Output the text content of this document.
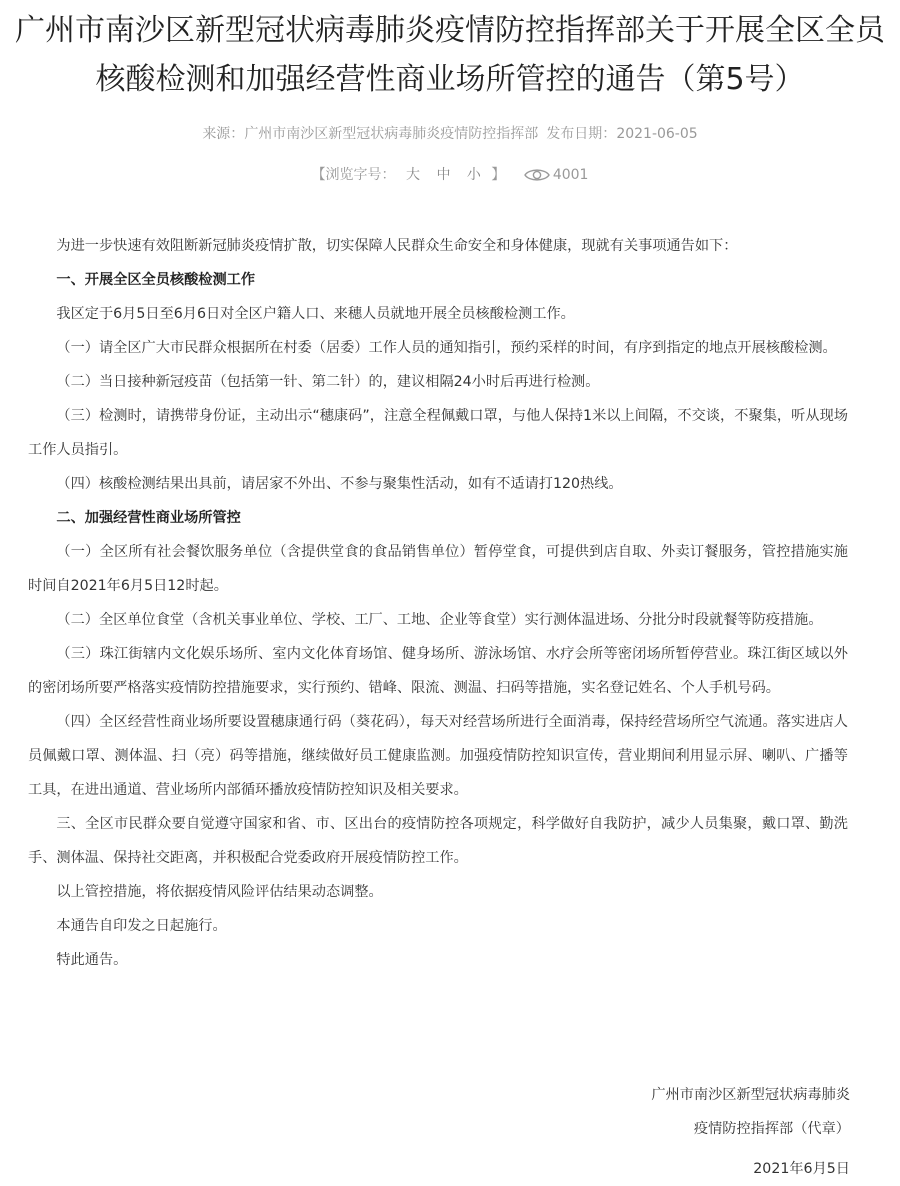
广州市南沙区新型冠状病毒肺炎疫情防控指挥部关于开展全区全员核酸检测和加强经营性商业场所管控的通告（第5号）
来源：广州市南沙区新型冠状病毒肺炎疫情防控指挥部 发布日期：2021-06-05
【浏览字号： 大 中 小 】	4001

为进一步快速有效阻断新冠肺炎疫情扩散，切实保障人民群众生命安全和身体健康，现就有关事项通告如下：

一、开展全区全员核酸检测工作

我区定于6月5日至6月6日对全区户籍人口、来穗人员就地开展全员核酸检测工作。

（一）请全区广大市民群众根据所在村委（居委）工作人员的通知指引，预约采样的时间，有序到指定的地点开展核酸检测。

（二）当日接种新冠疫苗（包括第一针、第二针）的，建议相隔24小时后再进行检测。

（三）检测时，请携带身份证，主动出示“穗康码”，注意全程佩戴口罩，与他人保持1米以上间隔，不交谈，不聚集，听从现场工作人员指引。

（四）核酸检测结果出具前，请居家不外出、不参与聚集性活动，如有不适请打120热线。

二、加强经营性商业场所管控

（一）全区所有社会餐饮服务单位（含提供堂食的食品销售单位）暂停堂食，可提供到店自取、外卖订餐服务，管控措施实施时间自2021年6月5日12时起。

（二）全区单位食堂（含机关事业单位、学校、工厂、工地、企业等食堂）实行测体温进场、分批分时段就餐等防疫措施。

（三）珠江街辖内文化娱乐场所、室内文化体育场馆、健身场所、游泳场馆、水疗会所等密闭场所暂停营业。珠江街区域以外的密闭场所要严格落实疫情防控措施要求，实行预约、错峰、限流、测温、扫码等措施，实名登记姓名、个人手机号码。

（四）全区经营性商业场所要设置穗康通行码（葵花码），每天对经营场所进行全面消毒，保持经营场所空气流通。落实进店人员佩戴口罩、测体温、扫（亮）码等措施，继续做好员工健康监测。加强疫情防控知识宣传，营业期间利用显示屏、喇叭、广播等工具，在进出通道、营业场所内部循环播放疫情防控知识及相关要求。

三、全区市民群众要自觉遵守国家和省、市、区出台的疫情防控各项规定，科学做好自我防护，减少人员集聚，戴口罩、勤洗手、测体温、保持社交距离，并积极配合党委政府开展疫情防控工作。

以上管控措施，将依据疫情风险评估结果动态调整。

本通告自印发之日起施行。

特此通告。

广州市南沙区新型冠状病毒肺炎
疫情防控指挥部（代章）
2021年6月5日
